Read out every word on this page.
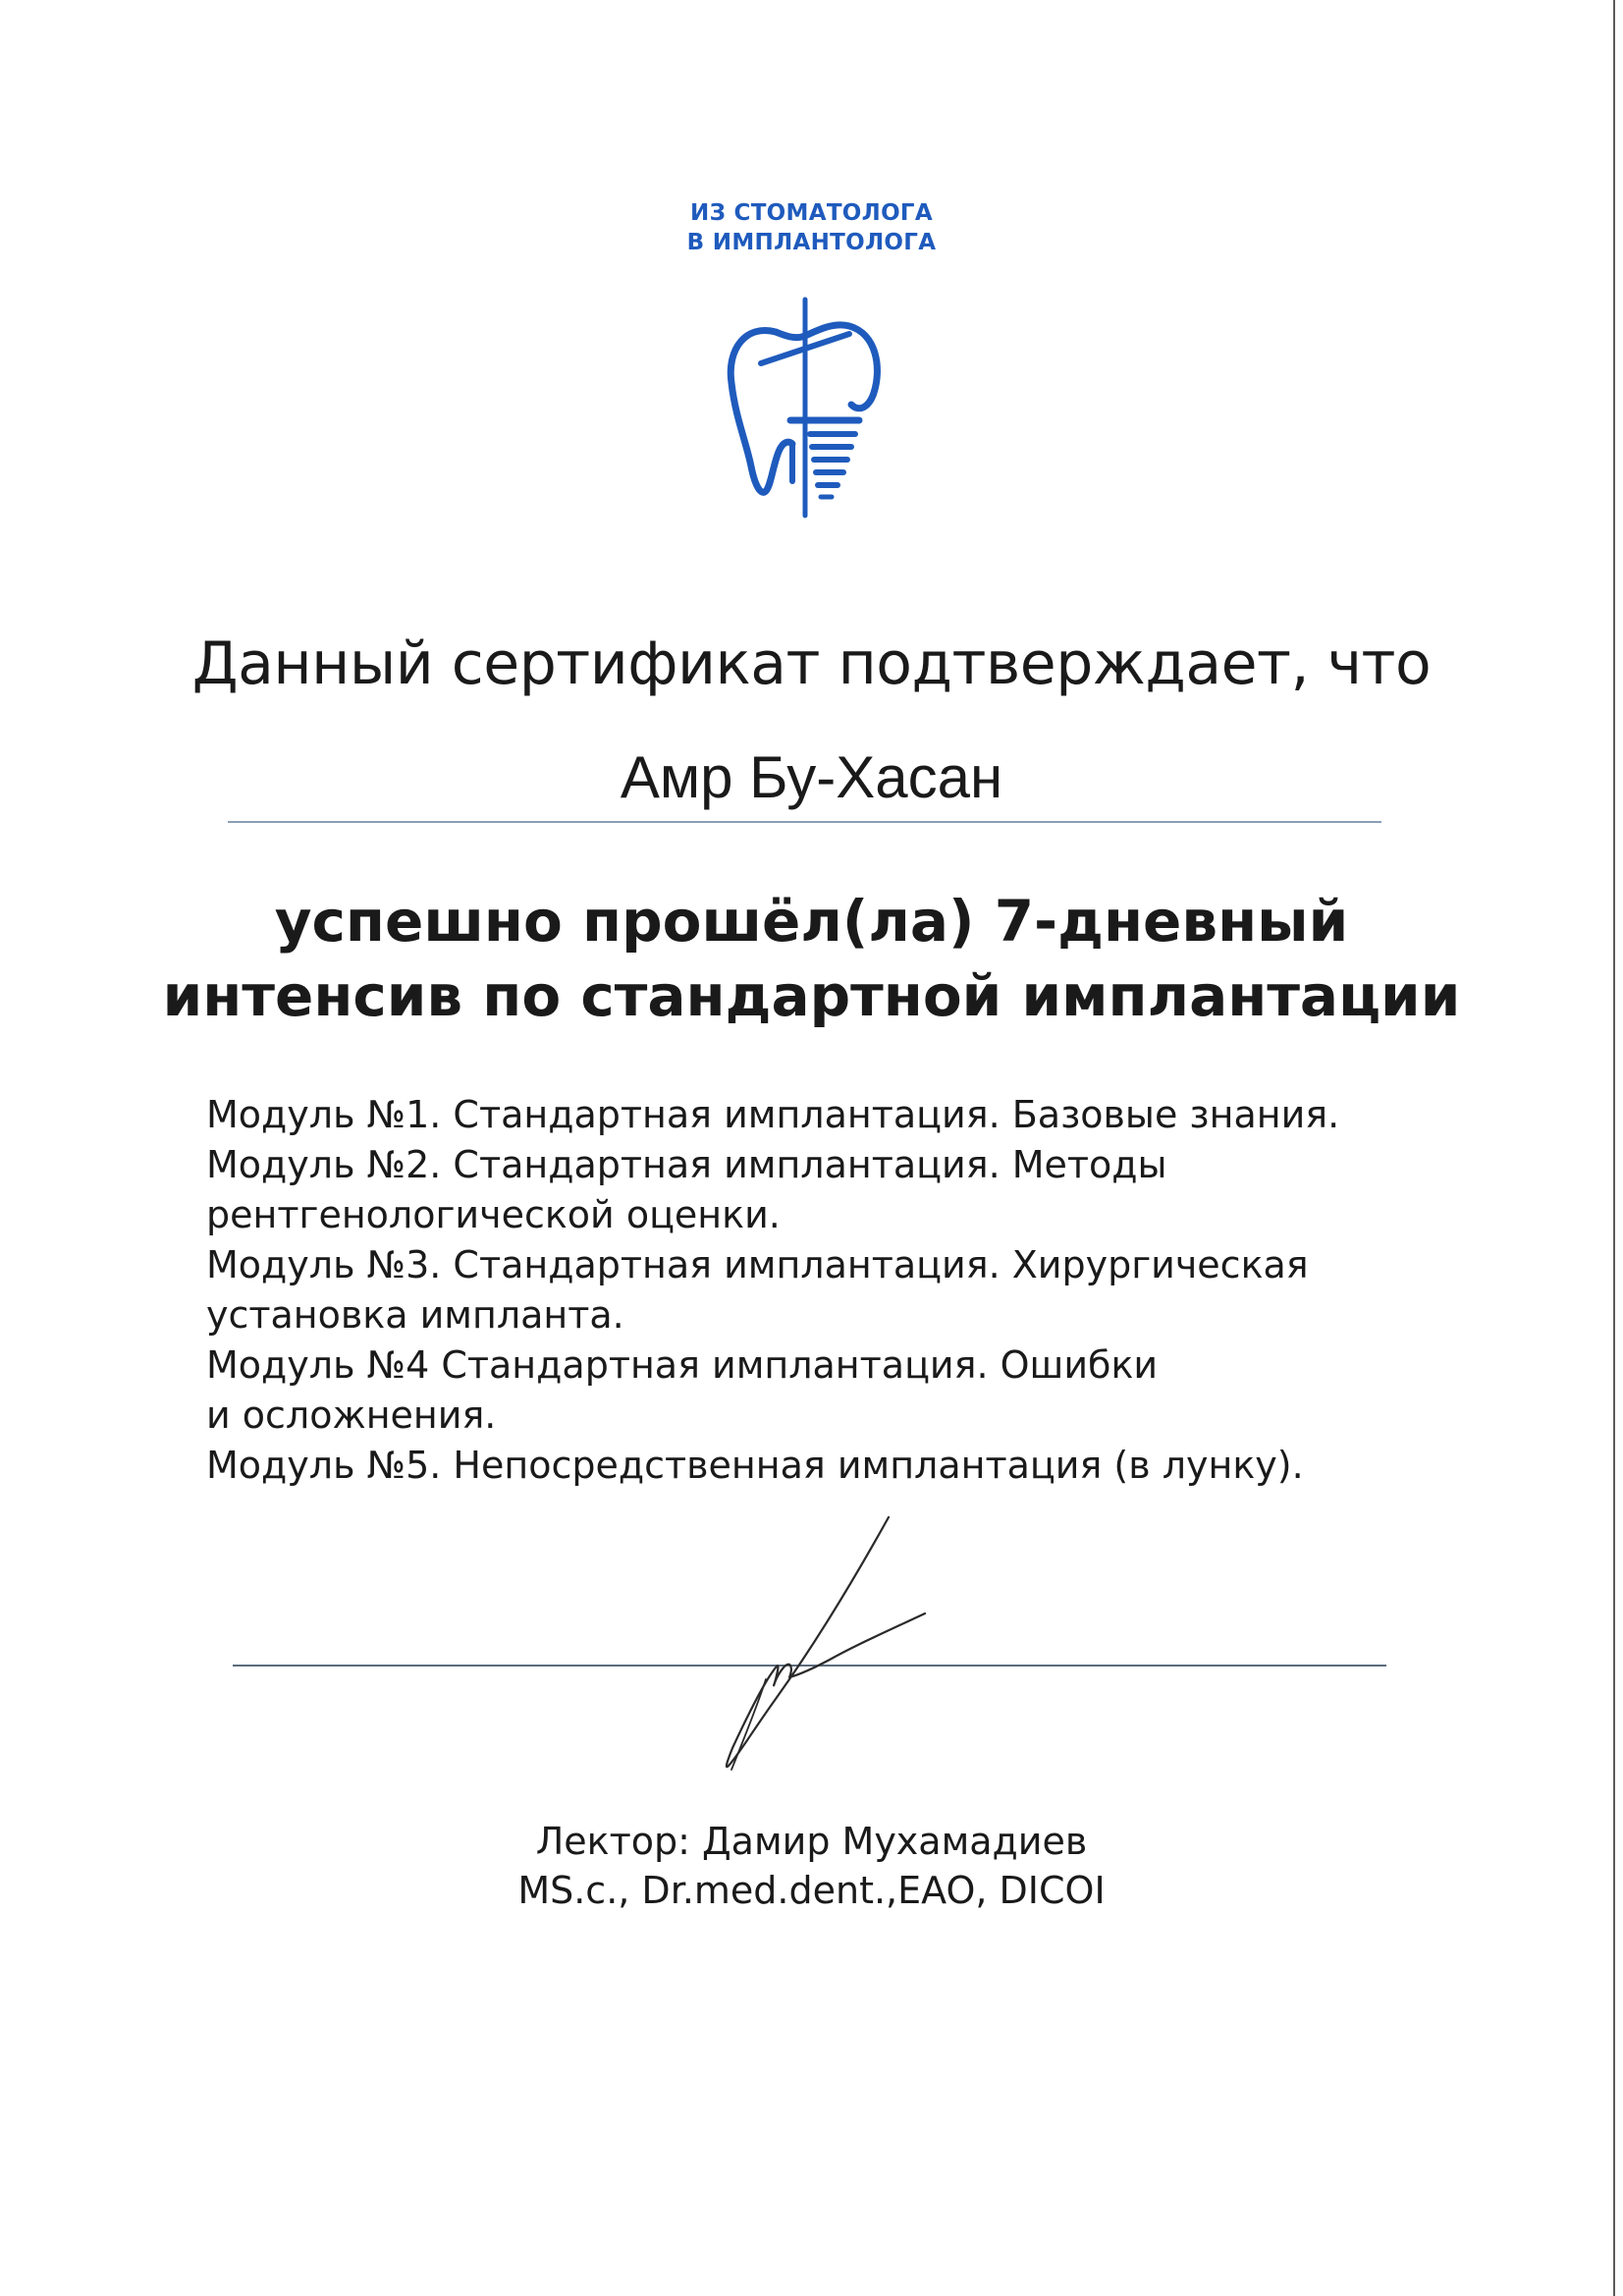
ИЗ СТОМАТОЛОГА
В ИМПЛАНТОЛОГА
Данный сертификат подтверждает, что
Амр Бу-Хасан
успешно прошёл(ла) 7-дневный
интенсив по стандартной имплантации
Модуль №1. Стандартная имплантация. Базовые знания.
Модуль №2. Стандартная имплантация. Методы
рентгенологической оценки.
Модуль №3. Стандартная имплантация. Хирургическая
установка импланта.
Модуль №4 Стандартная имплантация. Ошибки
и осложнения.
Модуль №5. Непосредственная имплантация (в лунку).
Лектор: Дамир Мухамадиев
MS.c., Dr.med.dent.,EAO, DICOI
